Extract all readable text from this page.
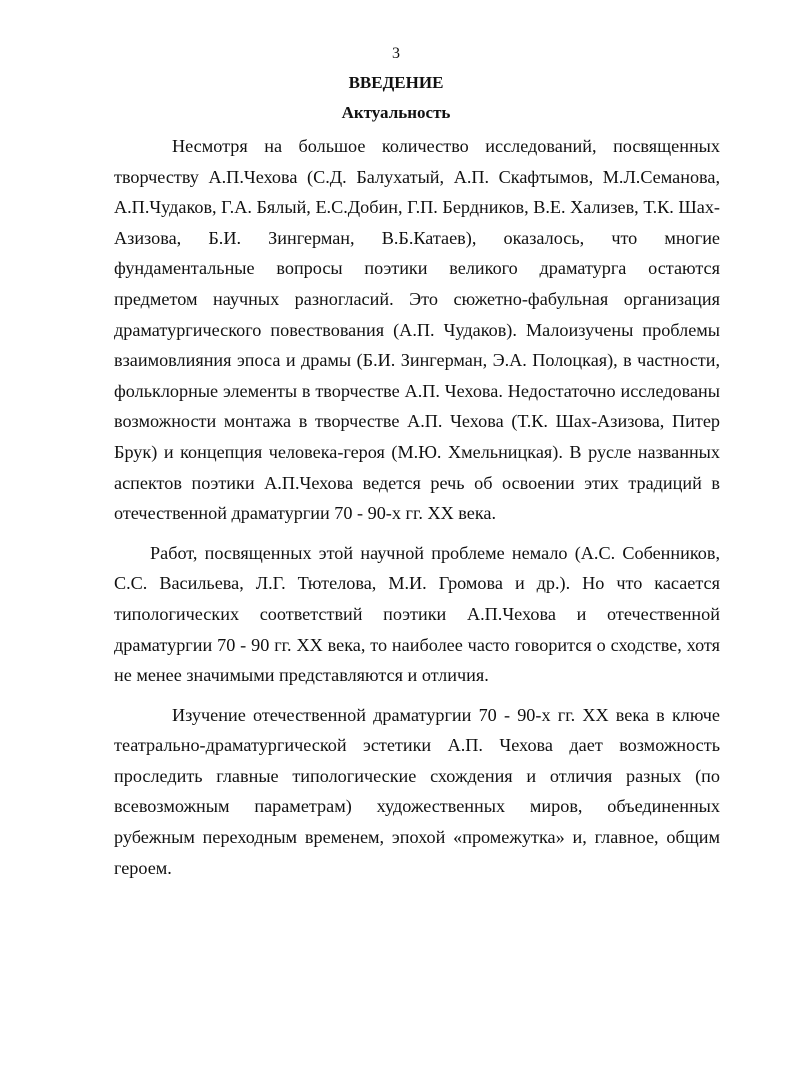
3
ВВЕДЕНИЕ
Актуальность

Несмотря на большое количество исследований, посвященных творчеству А.П.Чехова (С.Д. Балухатый, А.П. Скафтымов, М.Л.Семанова, А.П.Чудаков, Г.А. Бялый, Е.С.Добин, Г.П. Бердников, В.Е. Хализев, Т.К. Шах-Азизова, Б.И. Зингерман, В.Б.Катаев), оказалось, что многие фундаментальные вопросы поэтики великого драматурга остаются предметом научных разногласий. Это сюжетно-фабульная организация драматургического повествования (А.П. Чудаков). Малоизучены проблемы взаимовлияния эпоса и драмы (Б.И. Зингерман, Э.А. Полоцкая), в частности, фольклорные элементы в творчестве А.П. Чехова. Недостаточно исследованы возможности монтажа в творчестве А.П. Чехова (Т.К. Шах-Азизова, Питер Брук) и концепция человека-героя (М.Ю. Хмельницкая). В русле названных аспектов поэтики А.П.Чехова ведется речь об освоении этих традиций в отечественной драматургии 70 - 90-х гг. XX века.

Работ, посвященных этой научной проблеме немало (А.С. Собенников, С.С. Васильева, Л.Г. Тютелова, М.И. Громова и др.). Но что касается типологических соответствий поэтики А.П.Чехова и отечественной драматургии 70 - 90 гг. XX века, то наиболее часто говорится о сходстве, хотя не менее значимыми представляются и отличия.

Изучение отечественной драматургии 70 - 90-х гг. XX века в ключе театрально-драматургической эстетики А.П. Чехова дает возможность проследить главные типологические схождения и отличия разных (по всевозможным параметрам) художественных миров, объединенных рубежным переходным временем, эпохой «промежутка» и, главное, общим героем.
